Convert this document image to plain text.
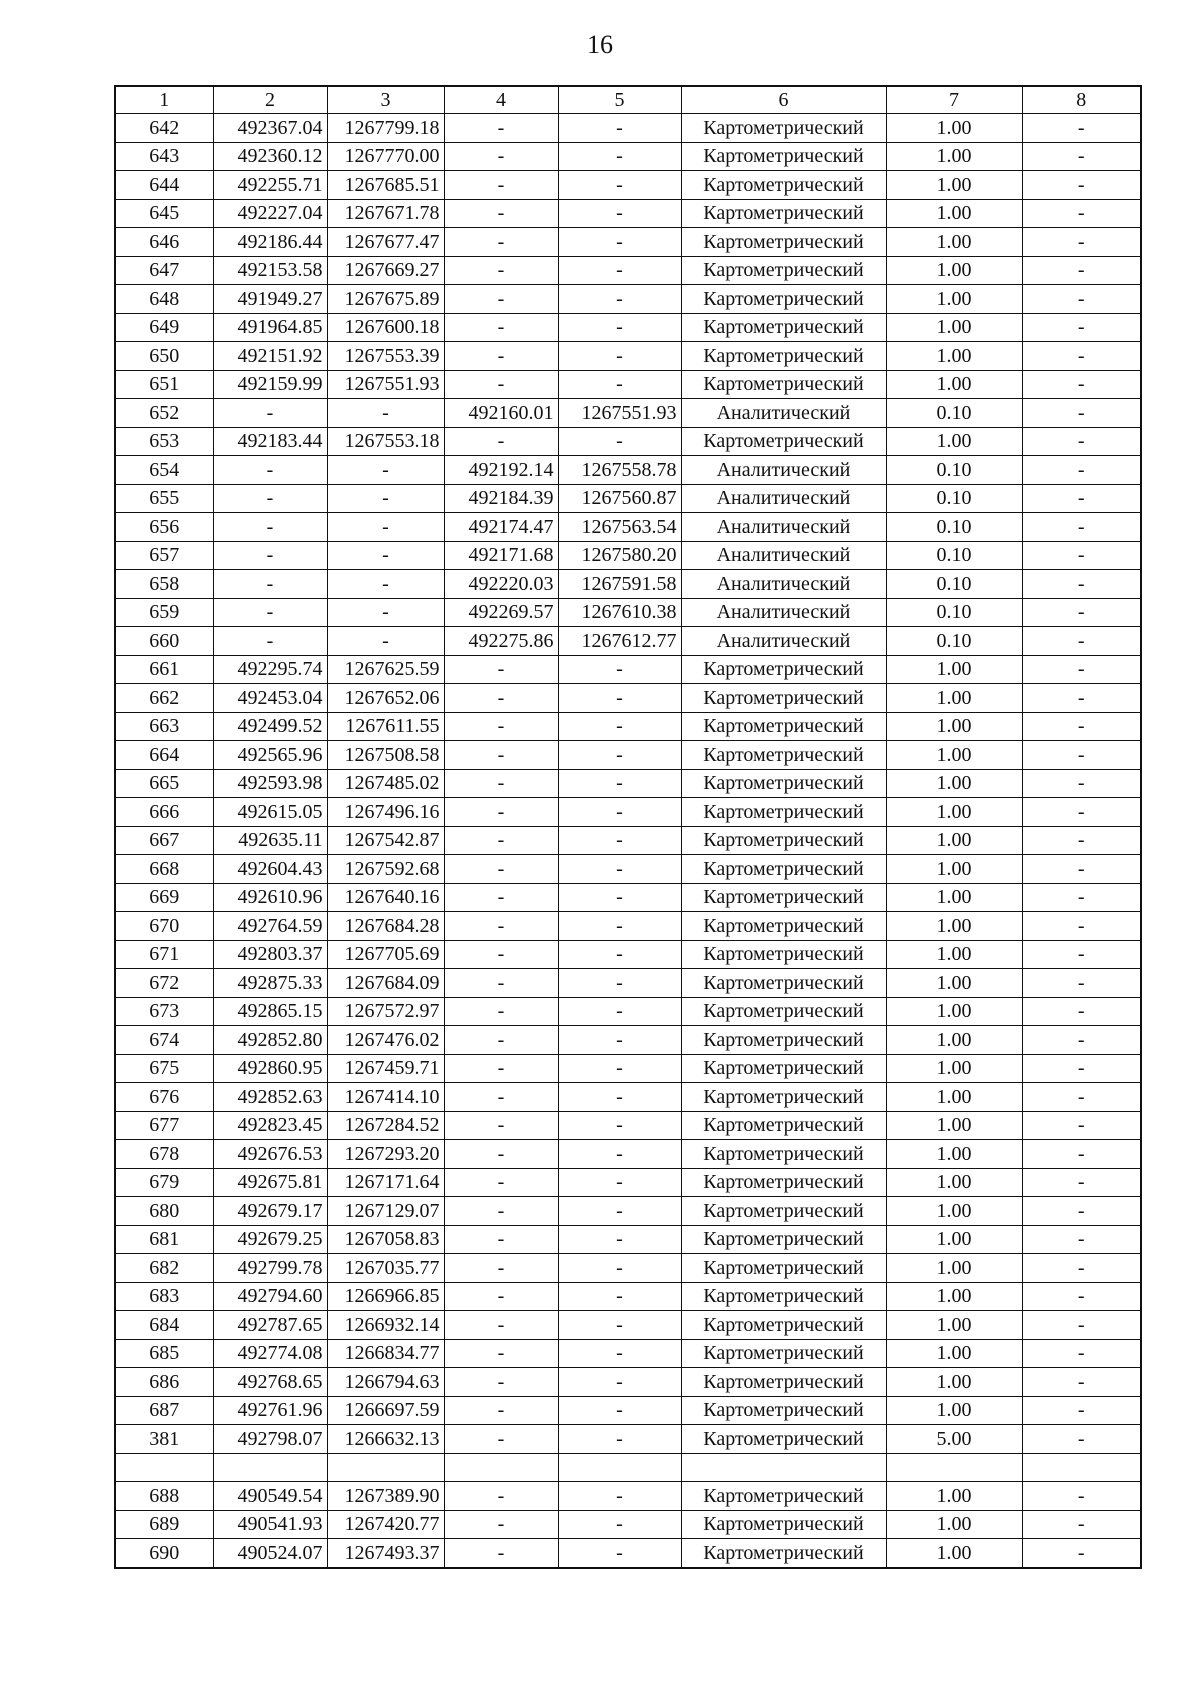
16
1	2	3	4	5	6	7	8
642	492367.04	1267799.18	-	-	Картометрический	1.00	-
643	492360.12	1267770.00	-	-	Картометрический	1.00	-
644	492255.71	1267685.51	-	-	Картометрический	1.00	-
645	492227.04	1267671.78	-	-	Картометрический	1.00	-
646	492186.44	1267677.47	-	-	Картометрический	1.00	-
647	492153.58	1267669.27	-	-	Картометрический	1.00	-
648	491949.27	1267675.89	-	-	Картометрический	1.00	-
649	491964.85	1267600.18	-	-	Картометрический	1.00	-
650	492151.92	1267553.39	-	-	Картометрический	1.00	-
651	492159.99	1267551.93	-	-	Картометрический	1.00	-
652	-	-	492160.01	1267551.93	Аналитический	0.10	-
653	492183.44	1267553.18	-	-	Картометрический	1.00	-
654	-	-	492192.14	1267558.78	Аналитический	0.10	-
655	-	-	492184.39	1267560.87	Аналитический	0.10	-
656	-	-	492174.47	1267563.54	Аналитический	0.10	-
657	-	-	492171.68	1267580.20	Аналитический	0.10	-
658	-	-	492220.03	1267591.58	Аналитический	0.10	-
659	-	-	492269.57	1267610.38	Аналитический	0.10	-
660	-	-	492275.86	1267612.77	Аналитический	0.10	-
661	492295.74	1267625.59	-	-	Картометрический	1.00	-
662	492453.04	1267652.06	-	-	Картометрический	1.00	-
663	492499.52	1267611.55	-	-	Картометрический	1.00	-
664	492565.96	1267508.58	-	-	Картометрический	1.00	-
665	492593.98	1267485.02	-	-	Картометрический	1.00	-
666	492615.05	1267496.16	-	-	Картометрический	1.00	-
667	492635.11	1267542.87	-	-	Картометрический	1.00	-
668	492604.43	1267592.68	-	-	Картометрический	1.00	-
669	492610.96	1267640.16	-	-	Картометрический	1.00	-
670	492764.59	1267684.28	-	-	Картометрический	1.00	-
671	492803.37	1267705.69	-	-	Картометрический	1.00	-
672	492875.33	1267684.09	-	-	Картометрический	1.00	-
673	492865.15	1267572.97	-	-	Картометрический	1.00	-
674	492852.80	1267476.02	-	-	Картометрический	1.00	-
675	492860.95	1267459.71	-	-	Картометрический	1.00	-
676	492852.63	1267414.10	-	-	Картометрический	1.00	-
677	492823.45	1267284.52	-	-	Картометрический	1.00	-
678	492676.53	1267293.20	-	-	Картометрический	1.00	-
679	492675.81	1267171.64	-	-	Картометрический	1.00	-
680	492679.17	1267129.07	-	-	Картометрический	1.00	-
681	492679.25	1267058.83	-	-	Картометрический	1.00	-
682	492799.78	1267035.77	-	-	Картометрический	1.00	-
683	492794.60	1266966.85	-	-	Картометрический	1.00	-
684	492787.65	1266932.14	-	-	Картометрический	1.00	-
685	492774.08	1266834.77	-	-	Картометрический	1.00	-
686	492768.65	1266794.63	-	-	Картометрический	1.00	-
687	492761.96	1266697.59	-	-	Картометрический	1.00	-
381	492798.07	1266632.13	-	-	Картометрический	5.00	-

688	490549.54	1267389.90	-	-	Картометрический	1.00	-
689	490541.93	1267420.77	-	-	Картометрический	1.00	-
690	490524.07	1267493.37	-	-	Картометрический	1.00	-
